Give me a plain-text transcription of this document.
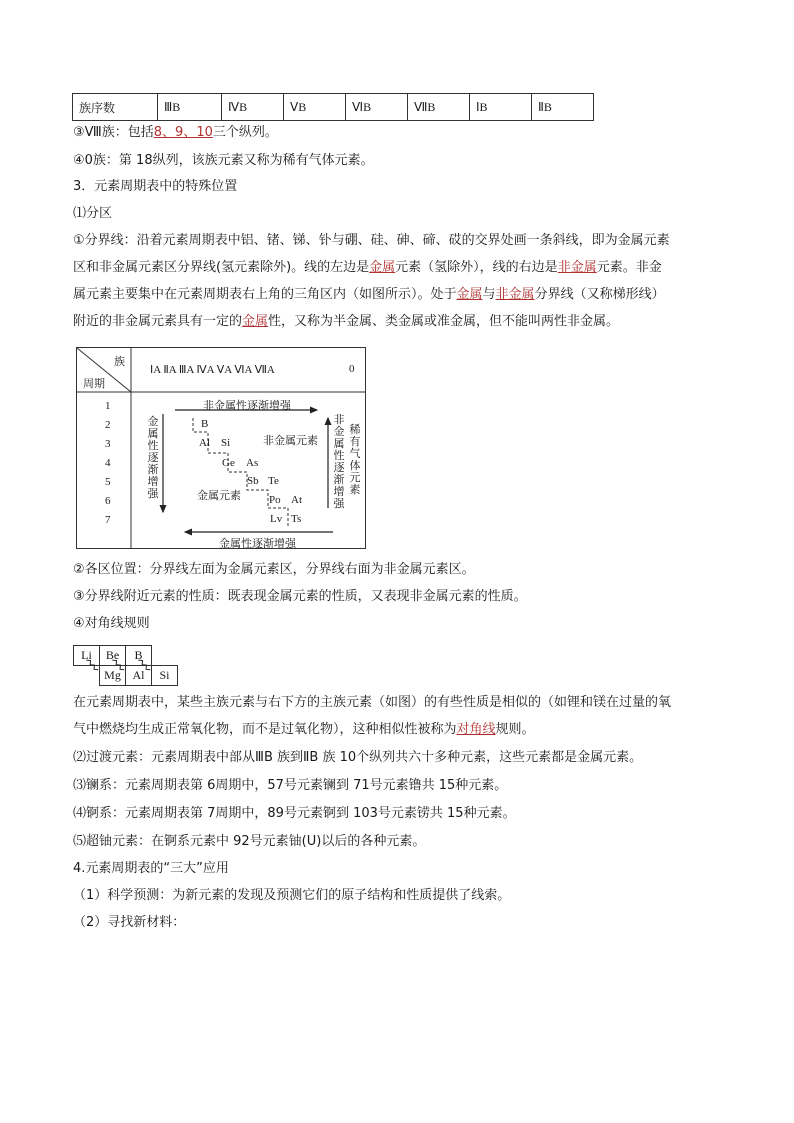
族序数	ⅢB	ⅣB	ⅤB	ⅥB	ⅦB	ⅠB	ⅡB
③Ⅷ族：包括8、9、10三个纵列。
④0族：第 18纵列，该族元素又称为稀有气体元素。
3．元素周期表中的特殊位置
⑴分区
①分界线：沿着元素周期表中铝、锗、锑、钋与硼、硅、砷、碲、砹的交界处画一条斜线，即为金属元素
区和非金属元素区分界线(氢元素除外)。线的左边是金属元素（氢除外），线的右边是非金属元素。非金
属元素主要集中在元素周期表右上角的三角区内（如图所示）。处于金属与非金属分界线（又称梯形线）
附近的非金属元素具有一定的金属性，又称为半金属、类金属或准金属，但不能叫两性非金属。
族
周期
ⅠA ⅡA ⅢA ⅣA ⅤA ⅥA ⅦA	0
1
2
3
4
5
6
7
非金属性逐渐增强
金属性逐渐增强
金属性逐渐增强
非金属性逐渐增强
稀有气体元素
非金属元素
金属元素
B
Al Si
Ge As
Sb Te
Po At
Lv Ts
②各区位置：分界线左面为金属元素区，分界线右面为非金属元素区。
③分界线附近元素的性质：既表现金属元素的性质，又表现非金属元素的性质。
④对角线规则
Li	Be	B
Mg Al	Si
在元素周期表中，某些主族元素与右下方的主族元素（如图）的有些性质是相似的（如锂和镁在过量的氧
气中燃烧均生成正常氧化物，而不是过氧化物），这种相似性被称为对角线规则。
⑵过渡元素：元素周期表中部从ⅢB 族到ⅡB 族 10个纵列共六十多种元素，这些元素都是金属元素。
⑶镧系：元素周期表第 6周期中，57号元素镧到 71号元素镥共 15种元素。
⑷锕系：元素周期表第 7周期中，89号元素锕到 103号元素铹共 15种元素。
⑸超铀元素：在锕系元素中 92号元素铀(U)以后的各种元素。
4.元素周期表的“三大”应用
（1）科学预测：为新元素的发现及预测它们的原子结构和性质提供了线索。
（2）寻找新材料：
